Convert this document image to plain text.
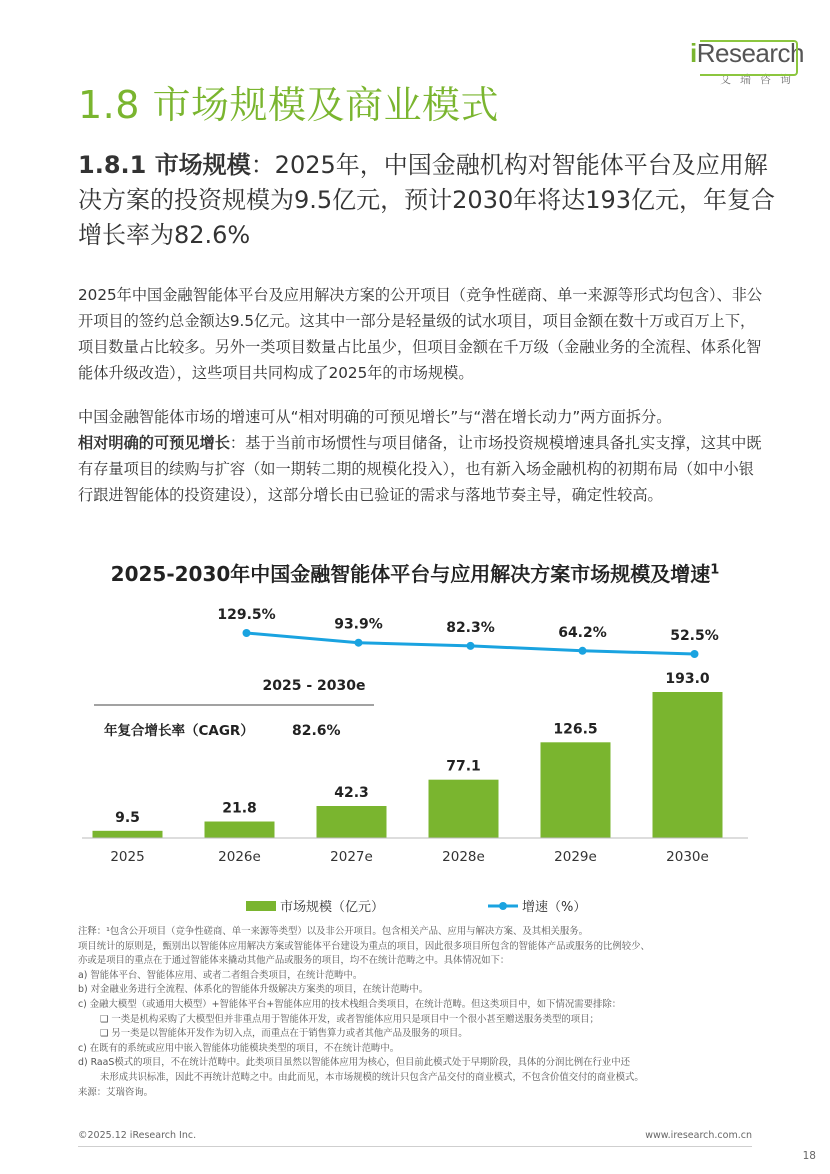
iResearch
艾瑞咨询
1.8 市场规模及商业模式
1.8.1 市场规模：2025年，中国金融机构对智能体平台及应用解决方案的投资规模为9.5亿元，预计2030年将达193亿元，年复合增长率为82.6%
2025年中国金融智能体平台及应用解决方案的公开项目（竞争性磋商、单一来源等形式均包含）、非公开项目的签约总金额达9.5亿元。这其中一部分是轻量级的试水项目，项目金额在数十万或百万上下，项目数量占比较多。另外一类项目数量占比虽少，但项目金额在千万级（金融业务的全流程、体系化智能体升级改造），这些项目共同构成了2025年的市场规模。
中国金融智能体市场的增速可从“相对明确的可预见增长”与“潜在增长动力”两方面拆分。
相对明确的可预见增长：基于当前市场惯性与项目储备，让市场投资规模增速具备扎实支撑，这其中既有存量项目的续购与扩容（如一期转二期的规模化投入），也有新入场金融机构的初期布局（如中小银行跟进智能体的投资建设），这部分增长由已验证的需求与落地节奏主导，确定性较高。
2025-2030年中国金融智能体平台与应用解决方案市场规模及增速$^1$
9.5
2025
21.8
2026e
42.3
2027e
77.1
2028e
126.5
2029e
193.0
2030e
129.5%
93.9%	82.3%	64.2%	52.5%
2025 - 2030e
年复合增长率（CAGR）	82.6%
市场规模（亿元）	增速（%）
注释：¹包含公开项目（竞争性磋商、单一来源等类型）以及非公开项目。包含相关产品、应用与解决方案、及其相关服务。
项目统计的原则是，甄别出以智能体应用解决方案或智能体平台建设为重点的项目，因此很多项目所包含的智能体产品或服务的比例较少、
亦或是项目的重点在于通过智能体来撬动其他产品或服务的项目，均不在统计范畴之中。具体情况如下：
a) 智能体平台、智能体应用、或者二者组合类项目，在统计范畴中。
b) 对金融业务进行全流程、体系化的智能体升级解决方案类的项目，在统计范畴中。
c) 金融大模型（或通用大模型）+智能体平台+智能体应用的技术栈组合类项目，在统计范畴。但这类项目中，如下情况需要排除：
❑ 一类是机构采购了大模型但并非重点用于智能体开发，或者智能体应用只是项目中一个很小甚至赠送服务类型的项目；
❑ 另一类是以智能体开发作为切入点，而重点在于销售算力或者其他产品及服务的项目。
c) 在既有的系统或应用中嵌入智能体功能模块类型的项目，不在统计范畴中。
d) RaaS模式的项目，不在统计范畴中。此类项目虽然以智能体应用为核心，但目前此模式处于早期阶段，具体的分润比例在行业中还
未形成共识标准，因此不再统计范畴之中。由此而见，本市场规模的统计只包含产品交付的商业模式，不包含价值交付的商业模式。
来源：艾瑞咨询。
©2025.12 iResearch Inc.	www.iresearch.com.cn
18
